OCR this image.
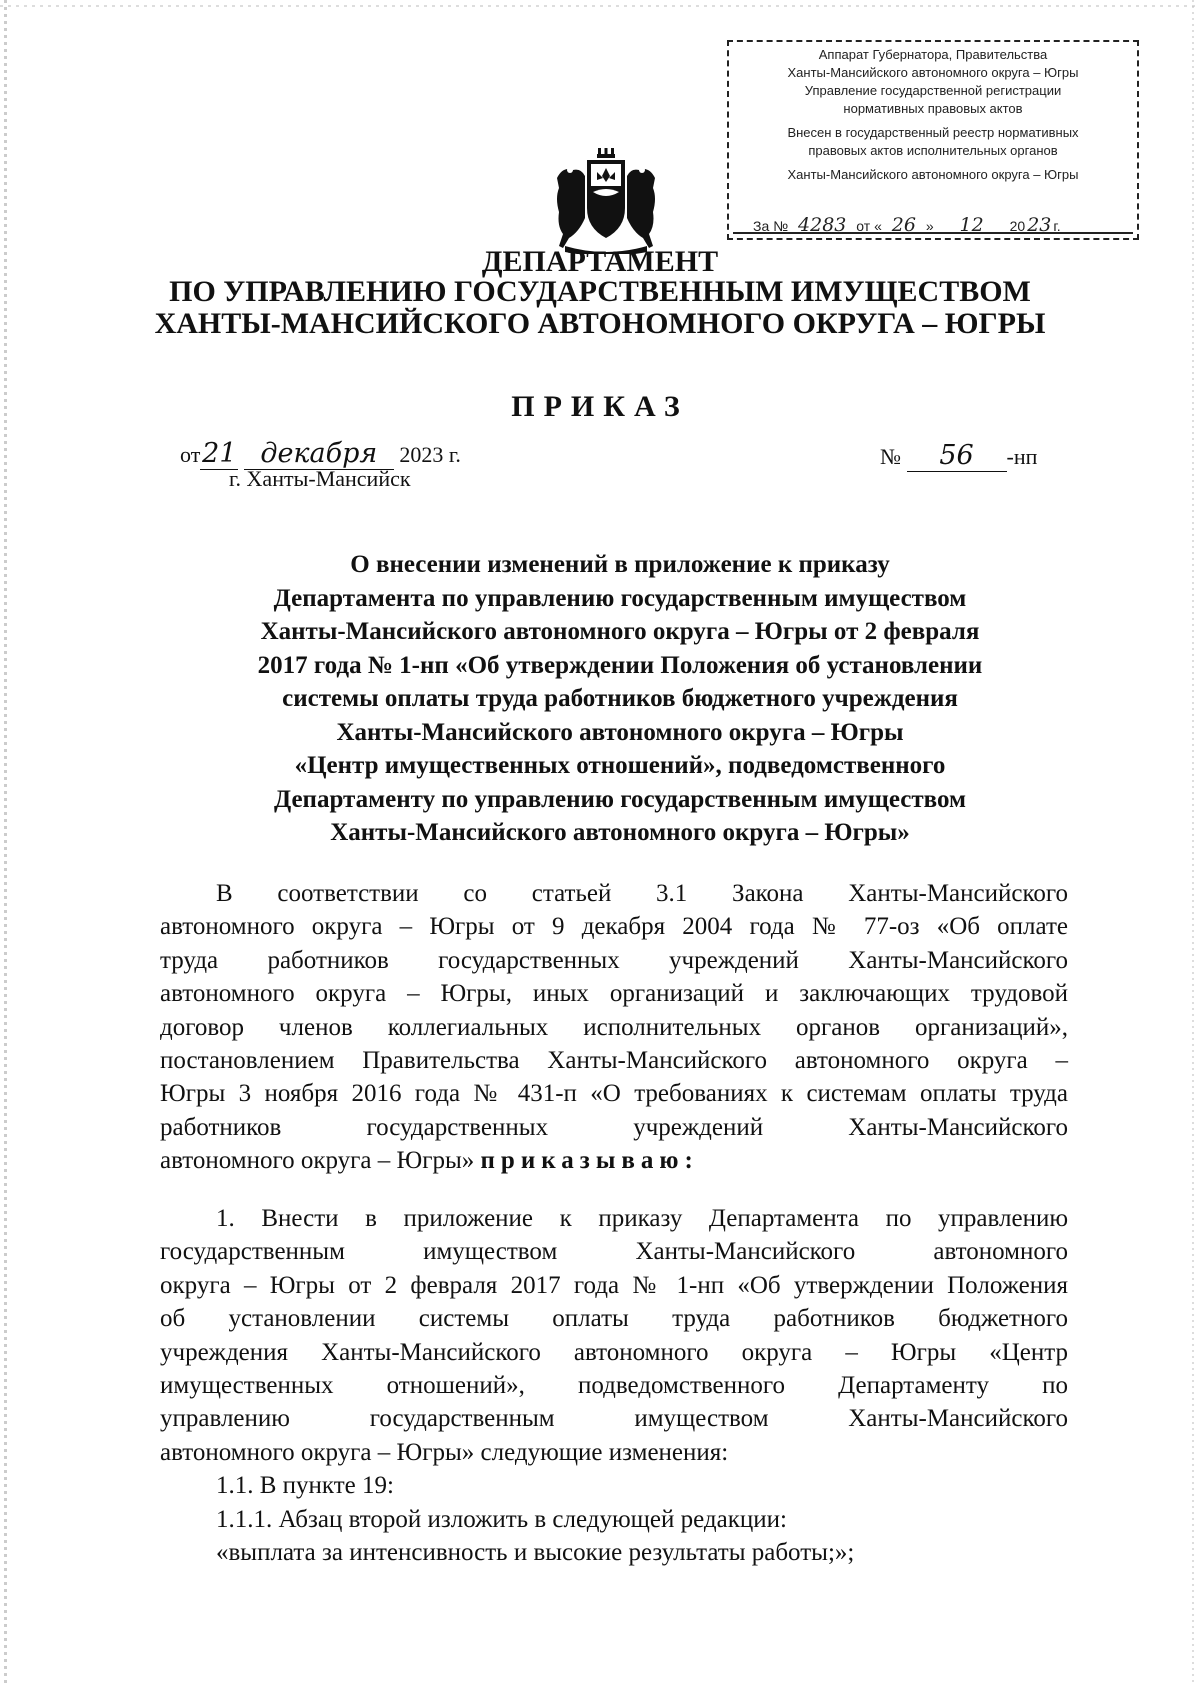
Аппарат Губернатора, Правительства
Ханты-Мансийского автономного округа – Югры
Управление государственной регистрации
нормативных правовых актов
Внесен в государственный реестр нормативных
правовых актов исполнительных органов
Ханты-Мансийского автономного округа – Югры
За № 4283 от « 26 » 12 20 23 г.
ДЕПАРТАМЕНТ
ПО УПРАВЛЕНИЮ ГОСУДАРСТВЕННЫМ ИМУЩЕСТВОМ
ХАНТЫ-МАНСИЙСКОГО АВТОНОМНОГО ОКРУГА – ЮГРЫ
ПРИКАЗ
от21 декабря 2023 г.
г. Ханты-Мансийск
№ 56 -нп
О внесении изменений в приложение к приказу
Департамента по управлению государственным имуществом
Ханты-Мансийского автономного округа – Югры от 2 февраля
2017 года № 1-нп «Об утверждении Положения об установлении
системы оплаты труда работников бюджетного учреждения
Ханты-Мансийского автономного округа – Югры
«Центр имущественных отношений», подведомственного
Департаменту по управлению государственным имуществом
Ханты-Мансийского автономного округа – Югры»
В соответствии со статьей 3.1 Закона Ханты-Мансийского
автономного округа – Югры от 9 декабря 2004 года № 77-оз «Об оплате
труда работников государственных учреждений Ханты-Мансийского
автономного округа – Югры, иных организаций и заключающих трудовой
договор членов коллегиальных исполнительных органов организаций»,
постановлением Правительства Ханты-Мансийского автономного округа –
Югры 3 ноября 2016 года № 431-п «О требованиях к системам оплаты труда
работников государственных учреждений Ханты-Мансийского
автономного округа – Югры» приказываю:
1. Внести в приложение к приказу Департамента по управлению
государственным имуществом Ханты-Мансийского автономного
округа – Югры от 2 февраля 2017 года № 1-нп «Об утверждении Положения
об установлении системы оплаты труда работников бюджетного
учреждения Ханты-Мансийского автономного округа – Югры «Центр
имущественных отношений», подведомственного Департаменту по
управлению государственным имуществом Ханты-Мансийского
автономного округа – Югры» следующие изменения:
1.1. В пункте 19:
1.1.1. Абзац второй изложить в следующей редакции:
«выплата за интенсивность и высокие результаты работы;»;
